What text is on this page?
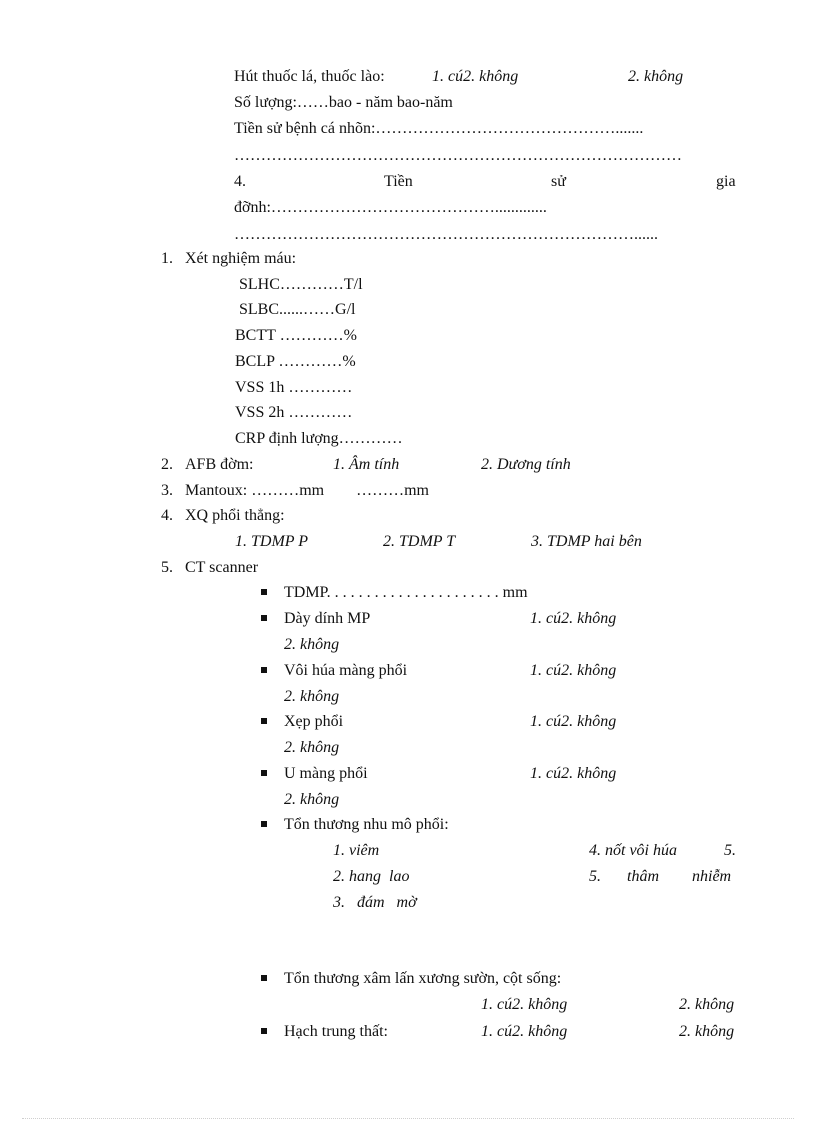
Hút thuốc lá, thuốc lào:	1. cú2. không	2. không
Số lượng:……bao - năm bao-năm
Tiền sử bệnh cá nhõn:……………………………………….......
…………………………………………………………………………
4.	Tiền	sử	gia
đỡnh:…………………………………….............
…………………………………………………………………......
1. Xét nghiệm máu:
SLHC…………T/l
SLBC......……G/l
BCTT …………%
BCLP …………%
VSS 1h …………
VSS 2h …………
CRP định lượng…………
2. AFB đờm:	1. Âm tính	2. Dương tính
3. Mantoux: ………mm        ………mm
4. XQ phổi thẳng:
1. TDMP P	2. TDMP T	3. TDMP hai bên
5. CT scanner
TDMP. . . . . . . . . . . . . . . . . . . . . . mm
Dày dính MP	1. cú2. không
2. không
Vôi húa màng phổi	1. cú2. không
2. không
Xẹp phổi	1. cú2. không
2. không
U màng phổi	1. cú2. không
2. không
Tổn thương nhu mô phổi:
1. viêm	4. nốt vôi húa	5.
2. hang  lao	5. thâm nhiễm
3.   đám   mờ
Tổn thương xâm lấn xương sườn, cột sống:
1. cú2. không	2. không
Hạch trung thất:	1. cú2. không	2. không
